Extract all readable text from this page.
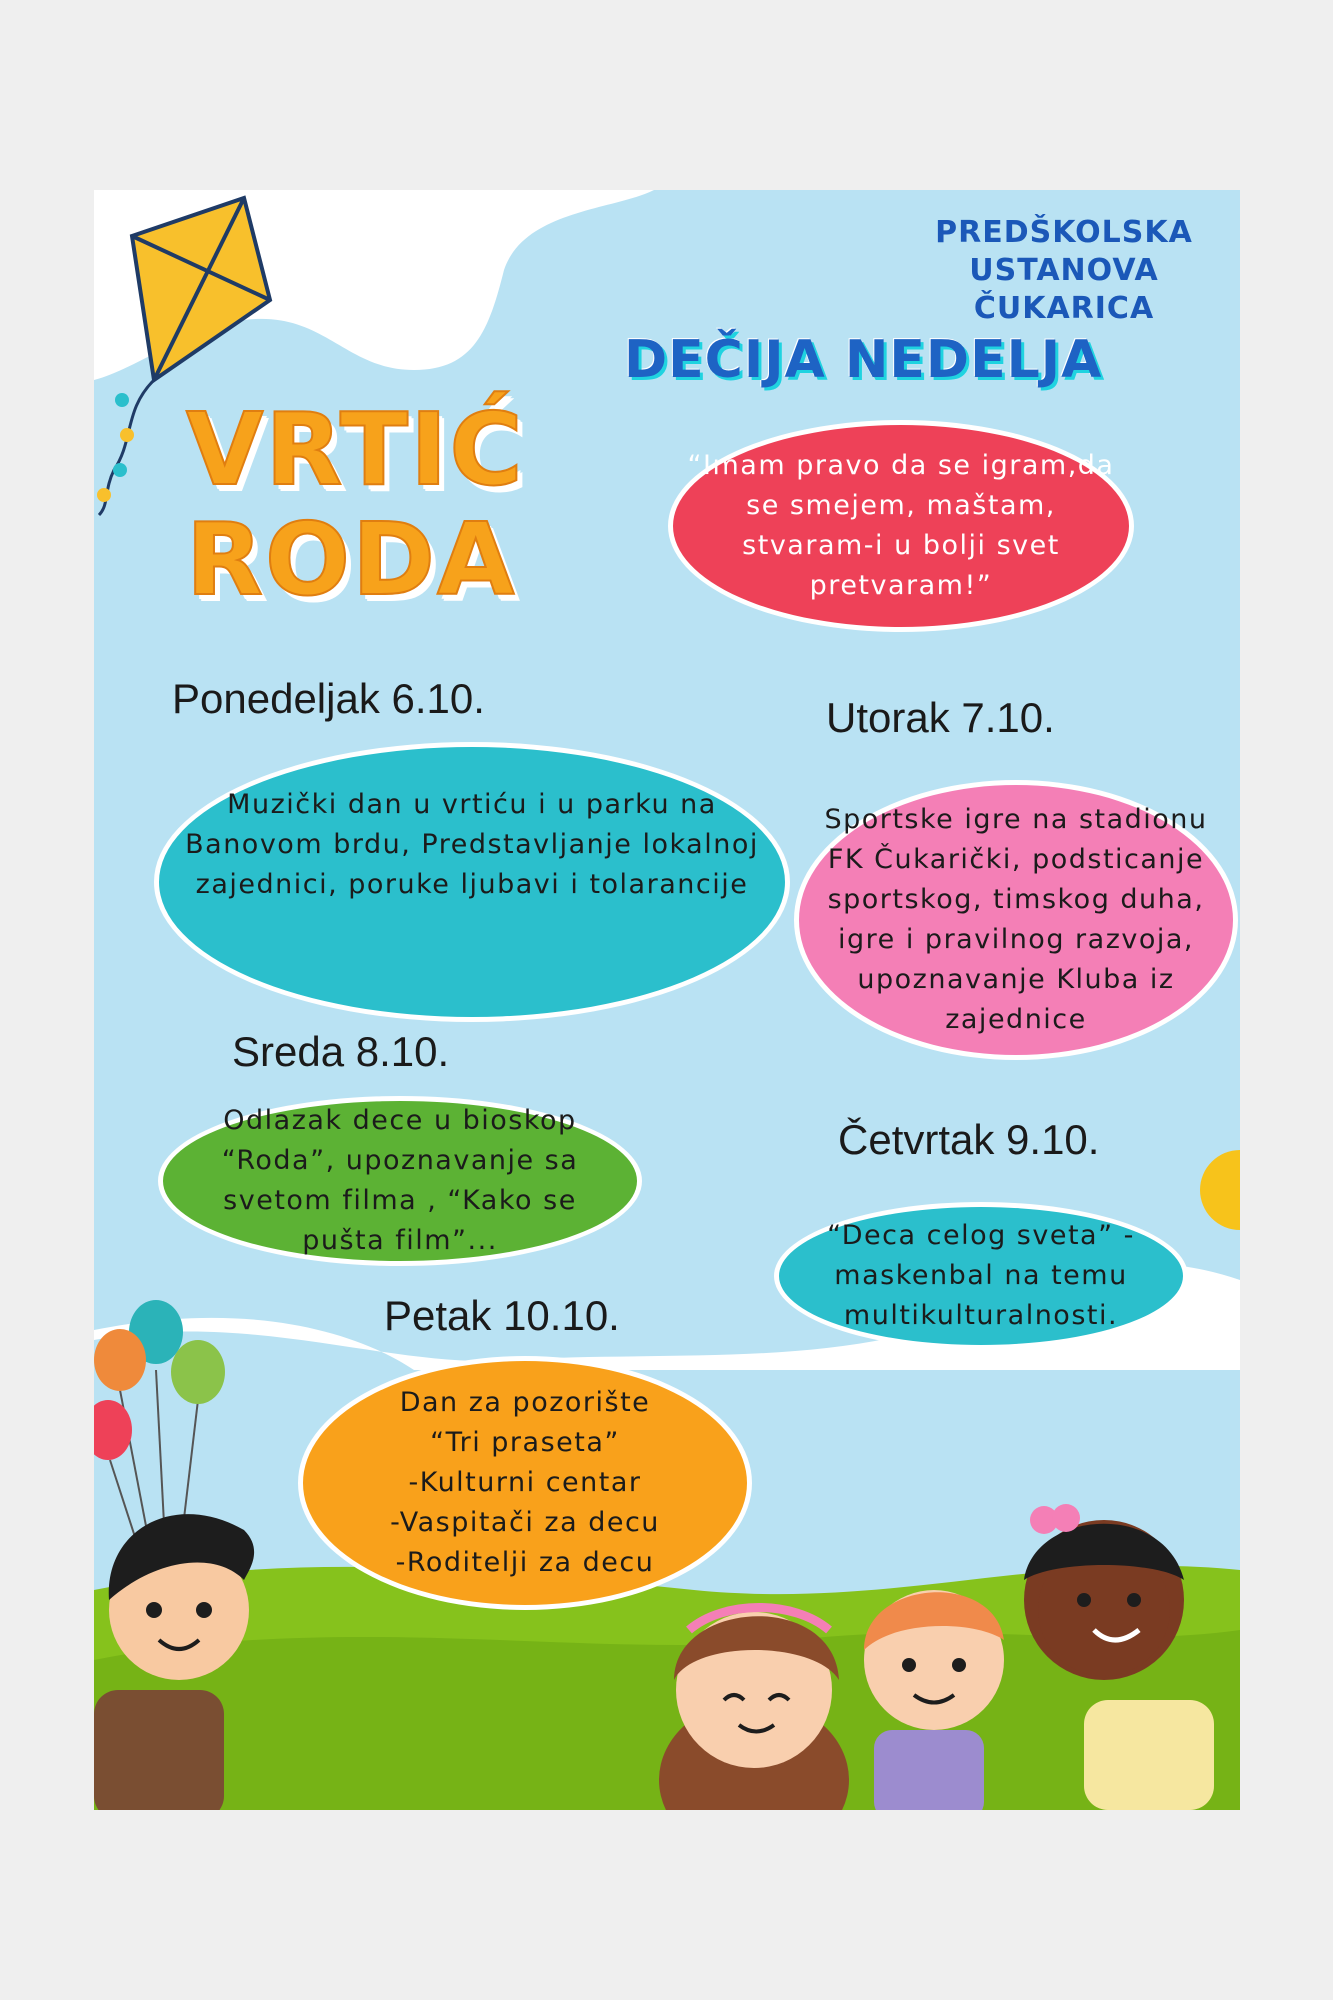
PREDŠKOLSKA
USTANOVA
ČUKARICA
DEČIJA NEDELJA
VRTIĆ
RODA
“Imam pravo da se igram,da se smejem, maštam, stvaram-i u bolji svet pretvaram!”
Ponedeljak 6.10.
Muzički dan u vrtiću i u parku na Banovom brdu, Predstavljanje lokalnoj zajednici, poruke ljubavi i tolarancije
Utorak 7.10.
Sportske igre na stadionu FK Čukarički, podsticanje sportskog, timskog duha, igre i pravilnog razvoja, upoznavanje Kluba iz zajednice
Sreda 8.10.
Odlazak dece u bioskop “Roda”, upoznavanje sa svetom filma , “Kako se pušta film”...
Četvrtak 9.10.
“Deca celog sveta” -maskenbal na temu multikulturalnosti.
Petak 10.10.
Dan za pozorište
“Tri praseta”
-Kulturni centar
-Vaspitači za decu
-Roditelji za decu
